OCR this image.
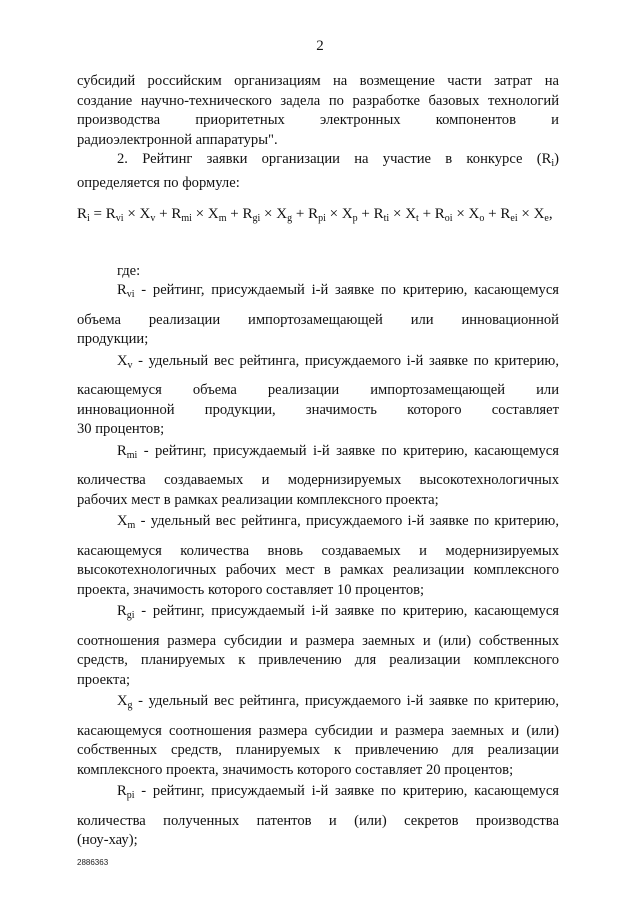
2
субсидий российским организациям на возмещение части затрат на
создание научно-технического задела по разработке базовых технологий
производства приоритетных электронных компонентов и
радиоэлектронной аппаратуры".
2. Рейтинг заявки организации на участие в конкурсе $(R_i)$
определяется по формуле:
$R_i = R_{vi} \times X_v + R_{mi} \times X_m + R_{gi} \times X_g + R_{pi} \times X_p + R_{ti} \times X_t + R_{oi} \times X_o + R_{ei} \times X_e$,
где:
$R_{vi}$ - рейтинг, присуждаемый i-й заявке по критерию, касающемуся
объема реализации импортозамещающей или инновационной
продукции;
$X_v$ - удельный вес рейтинга, присуждаемого i-й заявке по критерию,
касающемуся объема реализации импортозамещающей или
инновационной продукции, значимость которого составляет
30 процентов;
$R_{mi}$ - рейтинг, присуждаемый i-й заявке по критерию, касающемуся
количества создаваемых и модернизируемых высокотехнологичных
рабочих мест в рамках реализации комплексного проекта;
$X_m$ - удельный вес рейтинга, присуждаемого i-й заявке по критерию,
касающемуся количества вновь создаваемых и модернизируемых
высокотехнологичных рабочих мест в рамках реализации комплексного
проекта, значимость которого составляет 10 процентов;
$R_{gi}$ - рейтинг, присуждаемый i-й заявке по критерию, касающемуся
соотношения размера субсидии и размера заемных и (или) собственных
средств, планируемых к привлечению для реализации комплексного
проекта;
$X_g$ - удельный вес рейтинга, присуждаемого i-й заявке по критерию,
касающемуся соотношения размера субсидии и размера заемных и (или)
собственных средств, планируемых к привлечению для реализации
комплексного проекта, значимость которого составляет 20 процентов;
$R_{pi}$ - рейтинг, присуждаемый i-й заявке по критерию, касающемуся
количества полученных патентов и (или) секретов производства
(ноу-хау);
2886363
